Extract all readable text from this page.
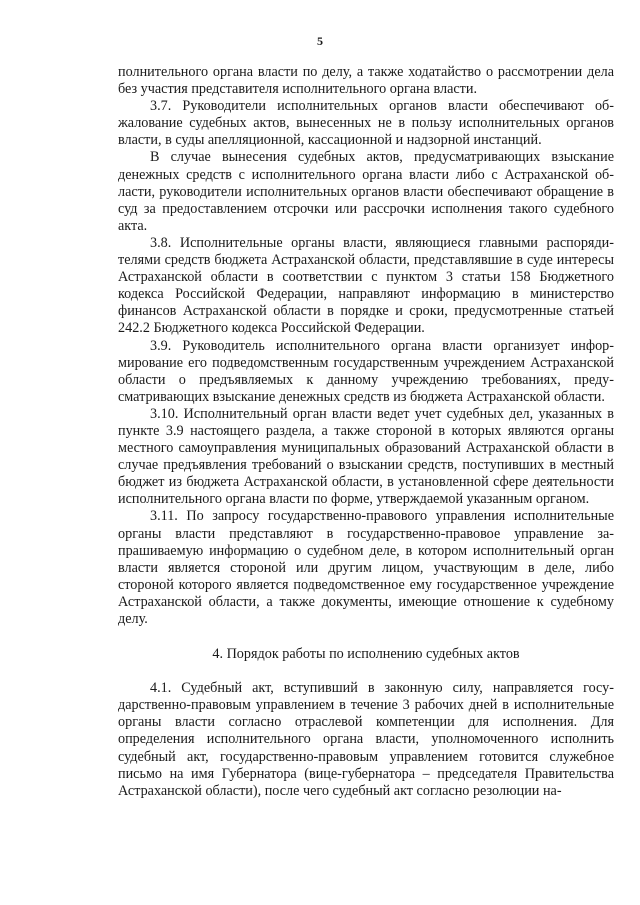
5

полнительного органа власти по делу, а также ходатайство о рассмотрении дела без участия представителя исполнительного органа власти.

3.7. Руководители исполнительных органов власти обеспечивают обжалование судебных актов, вынесенных не в пользу исполнительных органов власти, в суды апелляционной, кассационной и надзорной инстанций.

В случае вынесения судебных актов, предусматривающих взыскание денежных средств с исполнительного органа власти либо с Астраханской области, руководители исполнительных органов власти обеспечивают обращение в суд за предоставлением отсрочки или рассрочки исполнения такого судебного акта.

3.8. Исполнительные органы власти, являющиеся главными распорядителями средств бюджета Астраханской области, представлявшие в суде интересы Астраханской области в соответствии с пунктом 3 статьи 158 Бюджетного кодекса Российской Федерации, направляют информацию в министерство финансов Астраханской области в порядке и сроки, предусмотренные статьей 242.2 Бюджетного кодекса Российской Федерации.

3.9. Руководитель исполнительного органа власти организует информирование его подведомственным государственным учреждением Астраханской области о предъявляемых к данному учреждению требованиях, предусматривающих взыскание денежных средств из бюджета Астраханской области.

3.10. Исполнительный орган власти ведет учет судебных дел, указанных в пункте 3.9 настоящего раздела, а также стороной в которых являются органы местного самоуправления муниципальных образований Астраханской области в случае предъявления требований о взыскании средств, поступивших в местный бюджет из бюджета Астраханской области, в установленной сфере деятельности исполнительного органа власти по форме, утверждаемой указанным органом.

3.11. По запросу государственно-правового управления исполнительные органы власти представляют в государственно-правовое управление запрашиваемую информацию о судебном деле, в котором исполнительный орган власти является стороной или другим лицом, участвующим в деле, либо стороной которого является подведомственное ему государственное учреждение Астраханской области, а также документы, имеющие отношение к судебному делу.

4. Порядок работы по исполнению судебных актов

4.1. Судебный акт, вступивший в законную силу, направляется государственно-правовым управлением в течение 3 рабочих дней в исполнительные органы власти согласно отраслевой компетенции для исполнения. Для определения исполнительного органа власти, уполномоченного исполнить судебный акт, государственно-правовым управлением готовится служебное письмо на имя Губернатора (вице-губернатора – председателя Правительства Астраханской области), после чего судебный акт согласно резолюции на-
